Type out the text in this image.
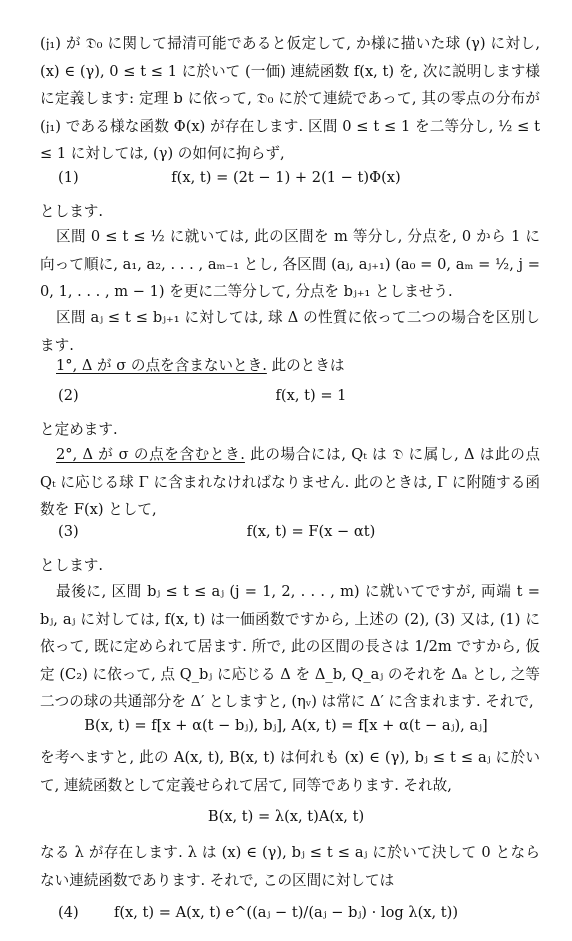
(𝔧₁) が 𝔇₀ に関して掃清可能であると仮定して, か様に描いた球 (γ) に対し, (x) ∈ (γ), 0 ≤ t ≤ 1 に於いて (一価) 連続函数 f(x, t) を, 次に説明します様に定義します: 定理 b に依って, 𝔇₀ に於て連続であって, 其の零点の分布が (𝔧₁) である様な函数 Φ(x) が存在します. 区間 0 ≤ t ≤ 1 を二等分し, ½ ≤ t ≤ 1 に対しては, (γ) の如何に拘らず,

(1)	f(x, t) = (2t − 1) + 2(1 − t)Φ(x)

とします.

区間 0 ≤ t ≤ ½ に就いては, 此の区間を m 等分し, 分点を, 0 から 1 に向って順に, a₁, a₂, . . . , aₘ₋₁ とし, 各区間 (aⱼ, aⱼ₊₁) (a₀ = 0, aₘ = ½, j = 0, 1, . . . , m − 1) を更に二等分して, 分点を bⱼ₊₁ としませう.

区間 aⱼ ≤ t ≤ bⱼ₊₁ に対しては, 球 Δ の性質に依って二つの場合を区別します.

1°, Δ が σ の点を含まないとき. 此のときは

(2)	f(x, t) = 1

と定めます.

2°, Δ が σ の点を含むとき. 此の場合には, Qₜ は 𝔇 に属し, Δ は此の点 Qₜ に応じる球 Γ に含まれなければなりません. 此のときは, Γ に附随する函数を F(x) として,

(3)	f(x, t) = F(x − αt)

とします.

最後に, 区間 bⱼ ≤ t ≤ aⱼ (j = 1, 2, . . . , m) に就いてですが, 両端 t = bⱼ, aⱼ に対しては, f(x, t) は一価函数ですから, 上述の (2), (3) 又は, (1) に依って, 既に定められて居ます. 所で, 此の区間の長さは 1/2m ですから, 仮定 (C₂) に依って, 点 Q_bⱼ に応じる Δ を Δ_b, Q_aⱼ のそれを Δₐ とし, 之等二つの球の共通部分を Δ′ としますと, (ηᵥ) は常に Δ′ に含まれます. それで,

B(x, t) = f[x + α(t − bⱼ), bⱼ], A(x, t) = f[x + α(t − aⱼ), aⱼ]

を考へますと, 此の A(x, t), B(x, t) は何れも (x) ∈ (γ), bⱼ ≤ t ≤ aⱼ に於いて, 連続函数として定義せられて居て, 同等であります. それ故,

B(x, t) = λ(x, t)A(x, t)

なる λ が存在します. λ は (x) ∈ (γ), bⱼ ≤ t ≤ aⱼ に於いて決して 0 とならない連続函数であります. それで, この区間に対しては

(4)	f(x, t) = A(x, t) e^((aⱼ − t)/(aⱼ − bⱼ) · log λ(x, t))
